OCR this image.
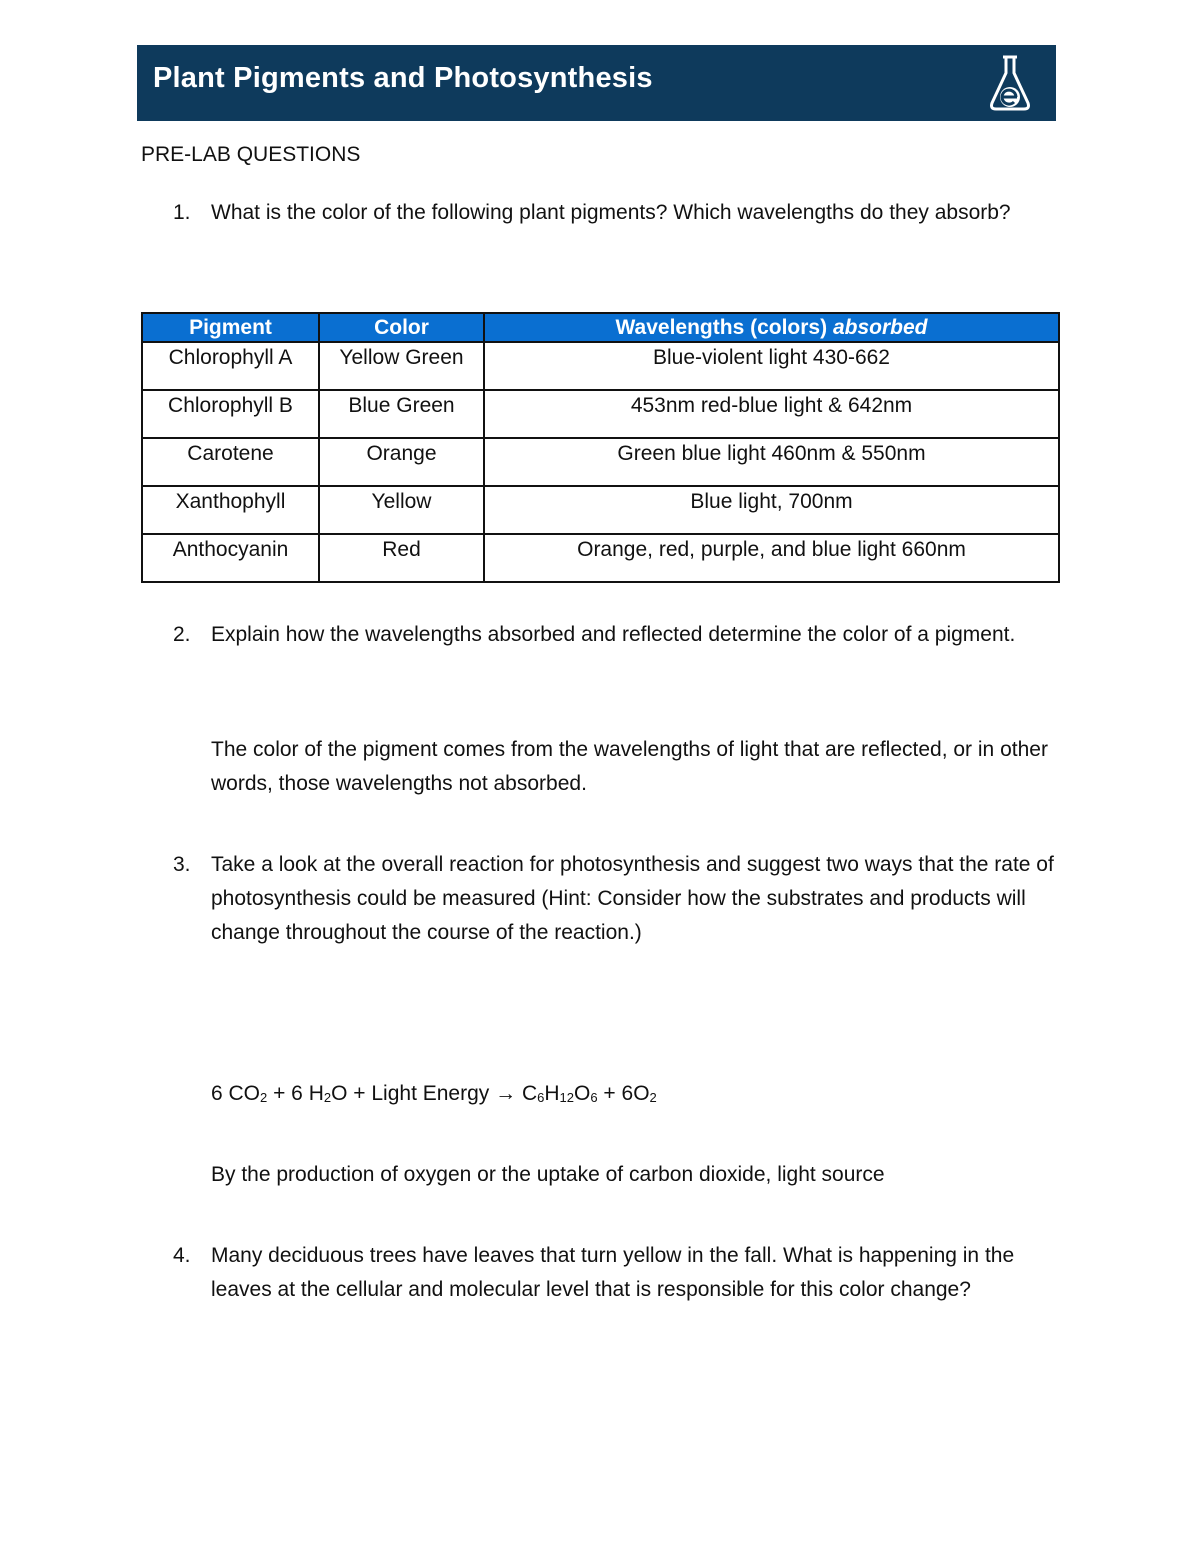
Plant Pigments and Photosynthesis
PRE-LAB QUESTIONS
1. What is the color of the following plant pigments? Which wavelengths do they absorb?
Pigment	Color	Wavelengths (colors) absorbed
Chlorophyll A	Yellow Green	Blue-violent light 430-662
Chlorophyll B	Blue Green	453nm red-blue light & 642nm
Carotene	Orange	Green blue light 460nm & 550nm
Xanthophyll	Yellow	Blue light, 700nm
Anthocyanin	Red	Orange, red, purple, and blue light 660nm
2. Explain how the wavelengths absorbed and reflected determine the color of a pigment.
The color of the pigment comes from the wavelengths of light that are reflected, or in other words, those wavelengths not absorbed.
3. Take a look at the overall reaction for photosynthesis and suggest two ways that the rate of photosynthesis could be measured (Hint: Consider how the substrates and products will change throughout the course of the reaction.)
6 $CO_2 + 6$ $H_2O$ + Light Energy → $C_6H_{12}O_6 + 6O_2$
By the production of oxygen or the uptake of carbon dioxide, light source
4. Many deciduous trees have leaves that turn yellow in the fall. What is happening in the leaves at the cellular and molecular level that is responsible for this color change?
